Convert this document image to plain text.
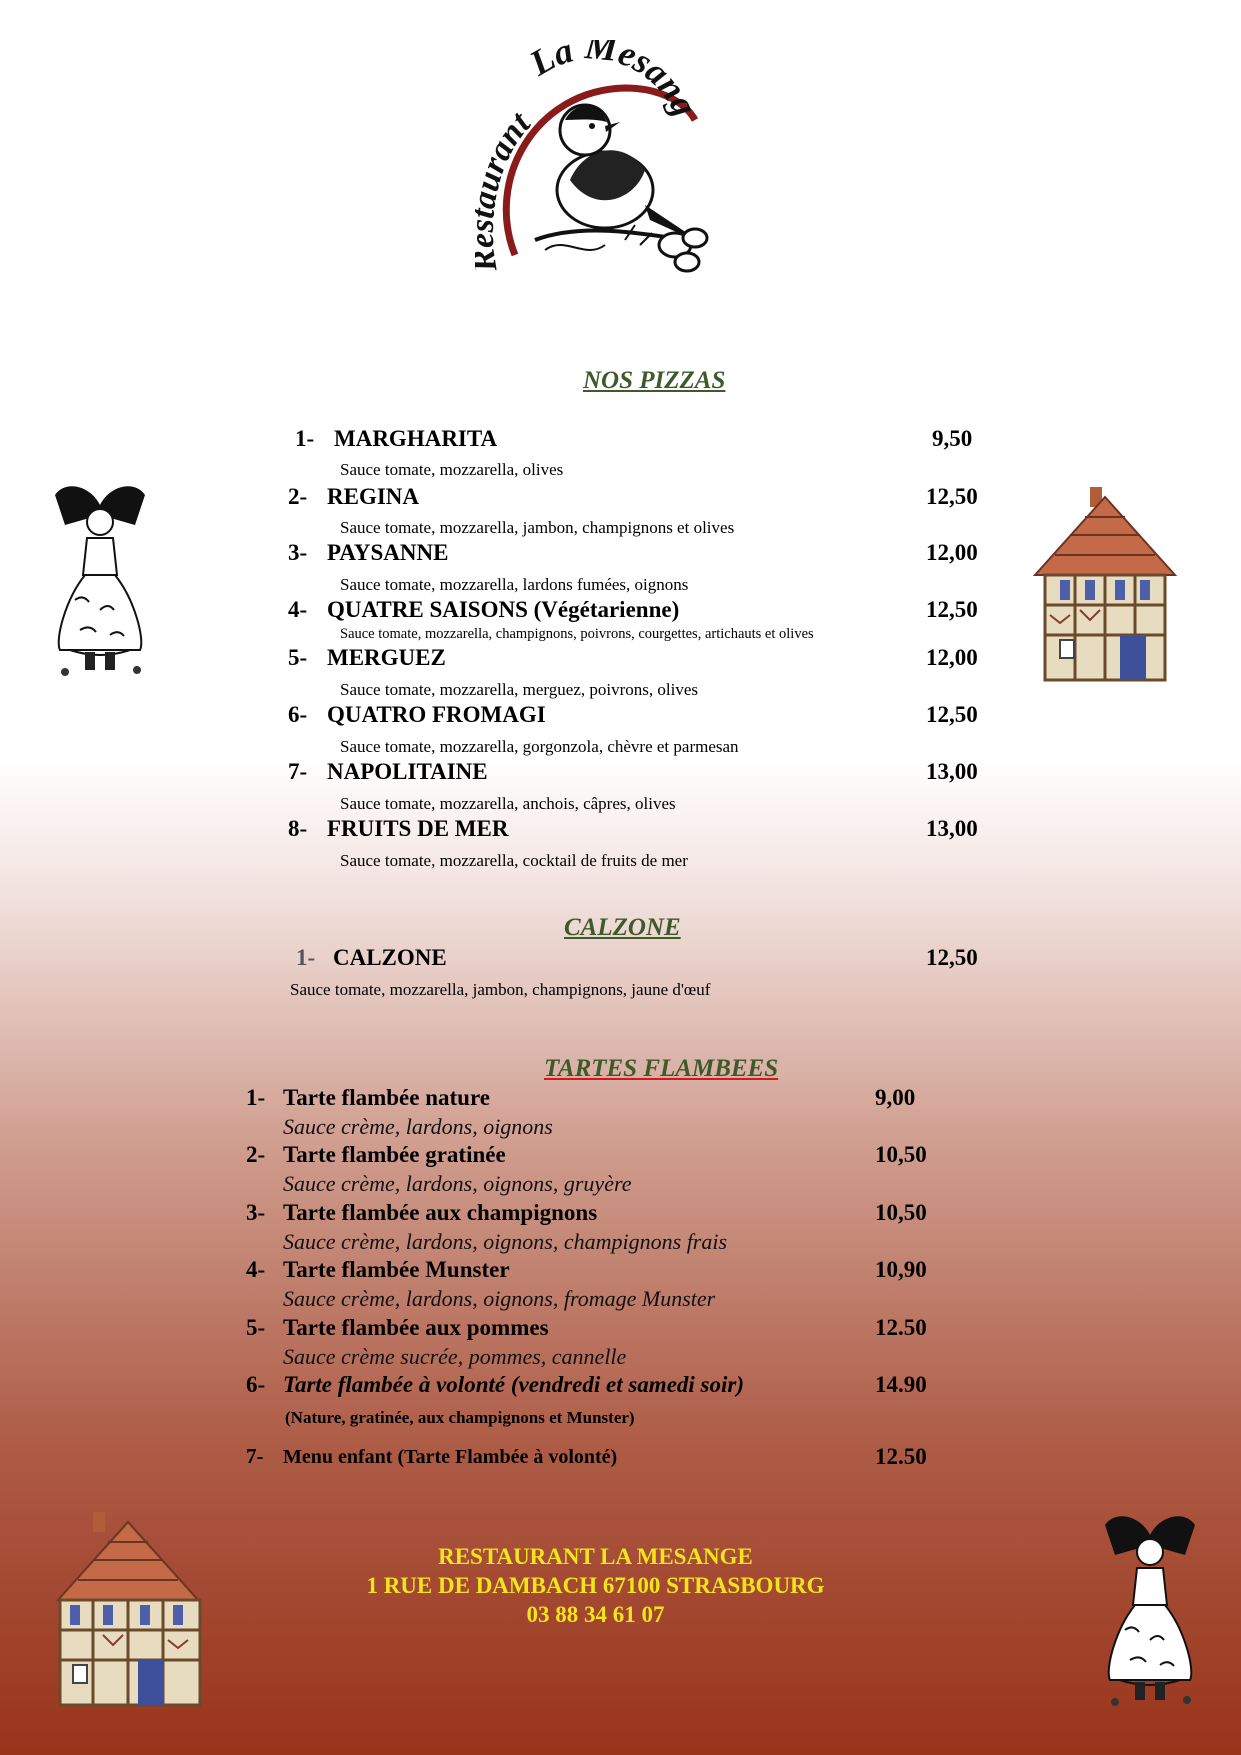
rant
La Mesang
NOS PIZZAS
1- MARGHARITA	9,50
Sauce tomate, mozzarella, olives
2- REGINA	12,50
Sauce tomate, mozzarella, jambon, champignons et olives
3- PAYSANNE	12,00
Sauce tomate, mozzarella, lardons fumées, oignons
4- QUATRE SAISONS (Végétarienne)	12,50
Sauce tomate, mozzarella, champignons, poivrons, courgettes, artichauts et olives
5- MERGUEZ	12,00
Sauce tomate, mozzarella, merguez, poivrons, olives
6- QUATRO FROMAGI	12,50
Sauce tomate, mozzarella, gorgonzola, chèvre et parmesan
7- NAPOLITAINE	13,00
Sauce tomate, mozzarella, anchois, câpres, olives
8- FRUITS DE MER	13,00
Sauce tomate, mozzarella, cocktail de fruits de mer
CALZONE
1- CALZONE	12,50
Sauce tomate, mozzarella, jambon, champignons, jaune d'œuf
TARTES FLAMBEES
1- Tarte flambée nature	9,00
Sauce crème, lardons, oignons
2- Tarte flambée gratinée	10,50
Sauce crème, lardons, oignons, gruyère
3- Tarte flambée aux champignons	10,50
Sauce crème, lardons, oignons, champignons frais
4- Tarte flambée Munster	10,90
Sauce crème, lardons, oignons, fromage Munster
5- Tarte flambée aux pommes	12.50
Sauce crème sucrée, pommes, cannelle
6- Tarte flambée à volonté (vendredi et samedi soir)	14.90
(Nature, gratinée, aux champignons et Munster)
7- Menu enfant (Tarte Flambée à volonté)	12.50
RESTAURANT LA MESANGE
1 RUE DE DAMBACH 67100 STRASBOURG
03 88 34 61 07
